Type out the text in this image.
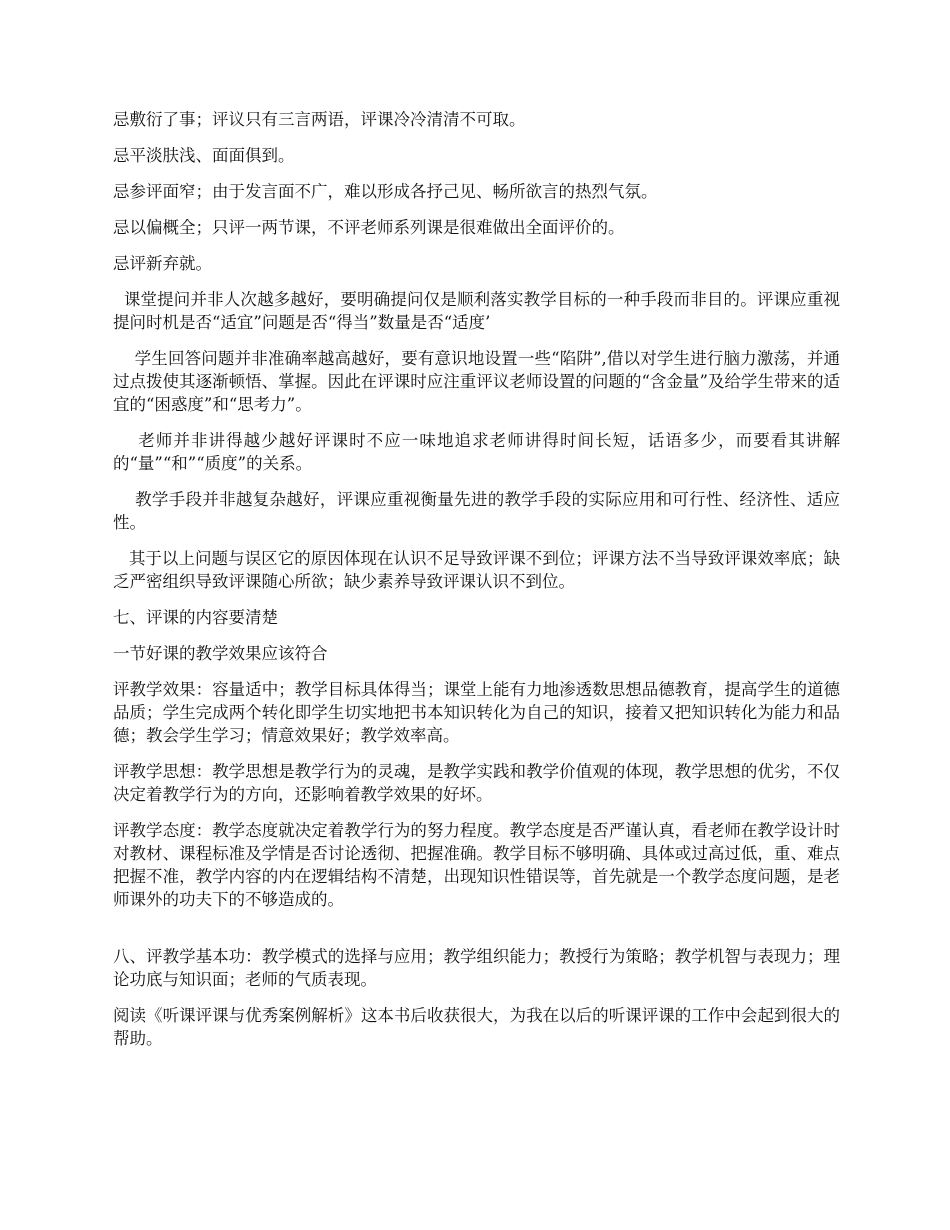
忌敷衍了事；评议只有三言两语，评课冷冷清清不可取。

忌平淡肤浅、面面俱到。

忌参评面窄；由于发言面不广，难以形成各抒己见、畅所欲言的热烈气氛。

忌以偏概全；只评一两节课，不评老师系列课是很难做出全面评价的。

忌评新弃就。

课堂提问并非人次越多越好，要明确提问仅是顺利落实教学目标的一种手段而非目的。评课应重视提问时机是否“适宜”问题是否“得当”数量是否“适度’

学生回答问题并非准确率越高越好，要有意识地设置一些“陷阱”,借以对学生进行脑力激荡，并通过点拨使其逐渐顿悟、掌握。因此在评课时应注重评议老师设置的问题的“含金量”及给学生带来的适宜的“困惑度”和“思考力”。

老师并非讲得越少越好评课时不应一味地追求老师讲得时间长短，话语多少，而要看其讲解的“量”“和”“质度”的关系。

教学手段并非越复杂越好，评课应重视衡量先进的教学手段的实际应用和可行性、经济性、适应性。

其于以上问题与误区它的原因体现在认识不足导致评课不到位；评课方法不当导致评课效率底；缺乏严密组织导致评课随心所欲；缺少素养导致评课认识不到位。

七、评课的内容要清楚

一节好课的教学效果应该符合

评教学效果：容量适中；教学目标具体得当；课堂上能有力地渗透数思想品德教育，提高学生的道德品质；学生完成两个转化即学生切实地把书本知识转化为自己的知识，接着又把知识转化为能力和品德；教会学生学习；情意效果好；教学效率高。

评教学思想：教学思想是教学行为的灵魂，是教学实践和教学价值观的体现，教学思想的优劣，不仅决定着教学行为的方向，还影响着教学效果的好坏。

评教学态度：教学态度就决定着教学行为的努力程度。教学态度是否严谨认真，看老师在教学设计时对教材、课程标准及学情是否讨论透彻、把握准确。教学目标不够明确、具体或过高过低，重、难点把握不准，教学内容的内在逻辑结构不清楚，出现知识性错误等，首先就是一个教学态度问题，是老师课外的功夫下的不够造成的。

八、评教学基本功：教学模式的选择与应用；教学组织能力；教授行为策略；教学机智与表现力；理论功底与知识面；老师的气质表现。

阅读《听课评课与优秀案例解析》这本书后收获很大，为我在以后的听课评课的工作中会起到很大的帮助。
